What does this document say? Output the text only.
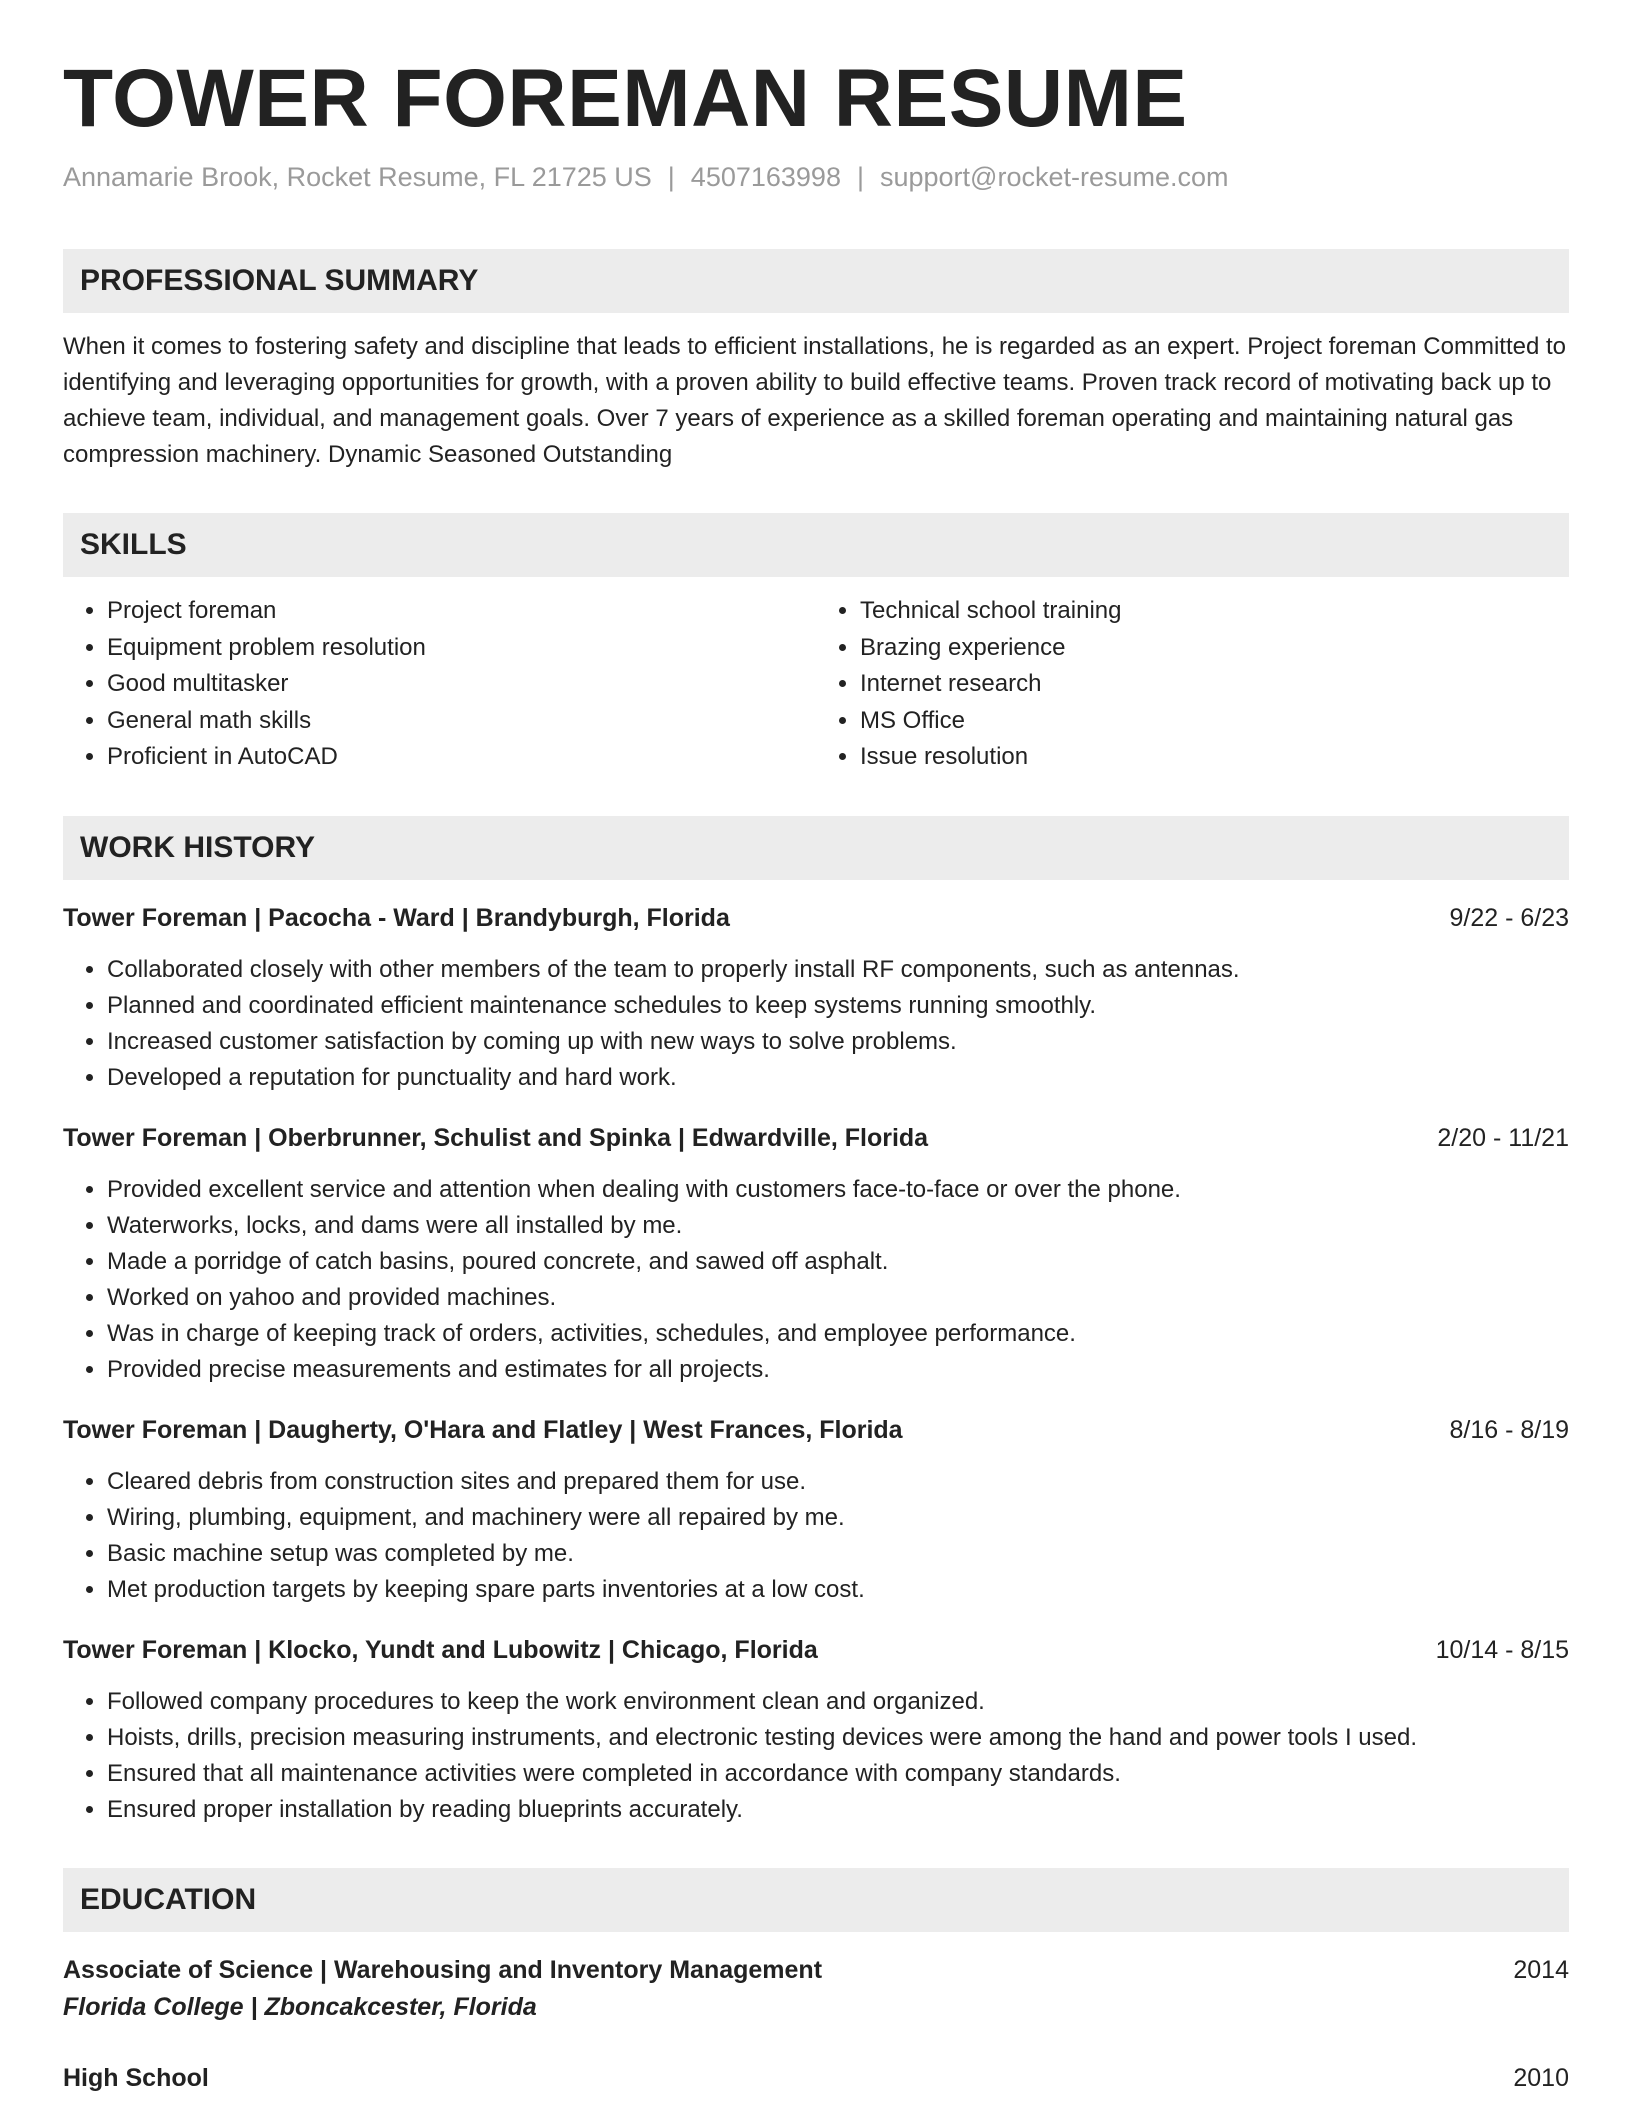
TOWER FOREMAN RESUME
Annamarie Brook, Rocket Resume, FL 21725 US | 4507163998 | support@rocket-resume.com
PROFESSIONAL SUMMARY

When it comes to fostering safety and discipline that leads to efficient installations, he is regarded as an expert. Project foreman Committed to identifying and leveraging opportunities for growth, with a proven ability to build effective teams. Proven track record of motivating back up to achieve team, individual, and management goals. Over 7 years of experience as a skilled foreman operating and maintaining natural gas compression machinery. Dynamic Seasoned Outstanding

SKILLS
• Project foreman
• Equipment problem resolution
• Good multitasker
• General math skills
• Proficient in AutoCAD
• Technical school training
• Brazing experience
• Internet research
• MS Office
• Issue resolution
WORK HISTORY
Tower Foreman | Pacocha - Ward | Brandyburgh, Florida	9/22 - 6/23
• Collaborated closely with other members of the team to properly install RF components, such as antennas.
• Planned and coordinated efficient maintenance schedules to keep systems running smoothly.
• Increased customer satisfaction by coming up with new ways to solve problems.
• Developed a reputation for punctuality and hard work.
Tower Foreman | Oberbrunner, Schulist and Spinka | Edwardville, Florida	2/20 - 11/21
• Provided excellent service and attention when dealing with customers face-to-face or over the phone.
• Waterworks, locks, and dams were all installed by me.
• Made a porridge of catch basins, poured concrete, and sawed off asphalt.
• Worked on yahoo and provided machines.
• Was in charge of keeping track of orders, activities, schedules, and employee performance.
• Provided precise measurements and estimates for all projects.
Tower Foreman | Daugherty, O'Hara and Flatley | West Frances, Florida	8/16 - 8/19
• Cleared debris from construction sites and prepared them for use.
• Wiring, plumbing, equipment, and machinery were all repaired by me.
• Basic machine setup was completed by me.
• Met production targets by keeping spare parts inventories at a low cost.
Tower Foreman | Klocko, Yundt and Lubowitz | Chicago, Florida	10/14 - 8/15
• Followed company procedures to keep the work environment clean and organized.
• Hoists, drills, precision measuring instruments, and electronic testing devices were among the hand and power tools I used.
• Ensured that all maintenance activities were completed in accordance with company standards.
• Ensured proper installation by reading blueprints accurately.
EDUCATION
Associate of Science | Warehousing and Inventory Management	2014
Florida College | Zboncakcester, Florida
High School	2010
